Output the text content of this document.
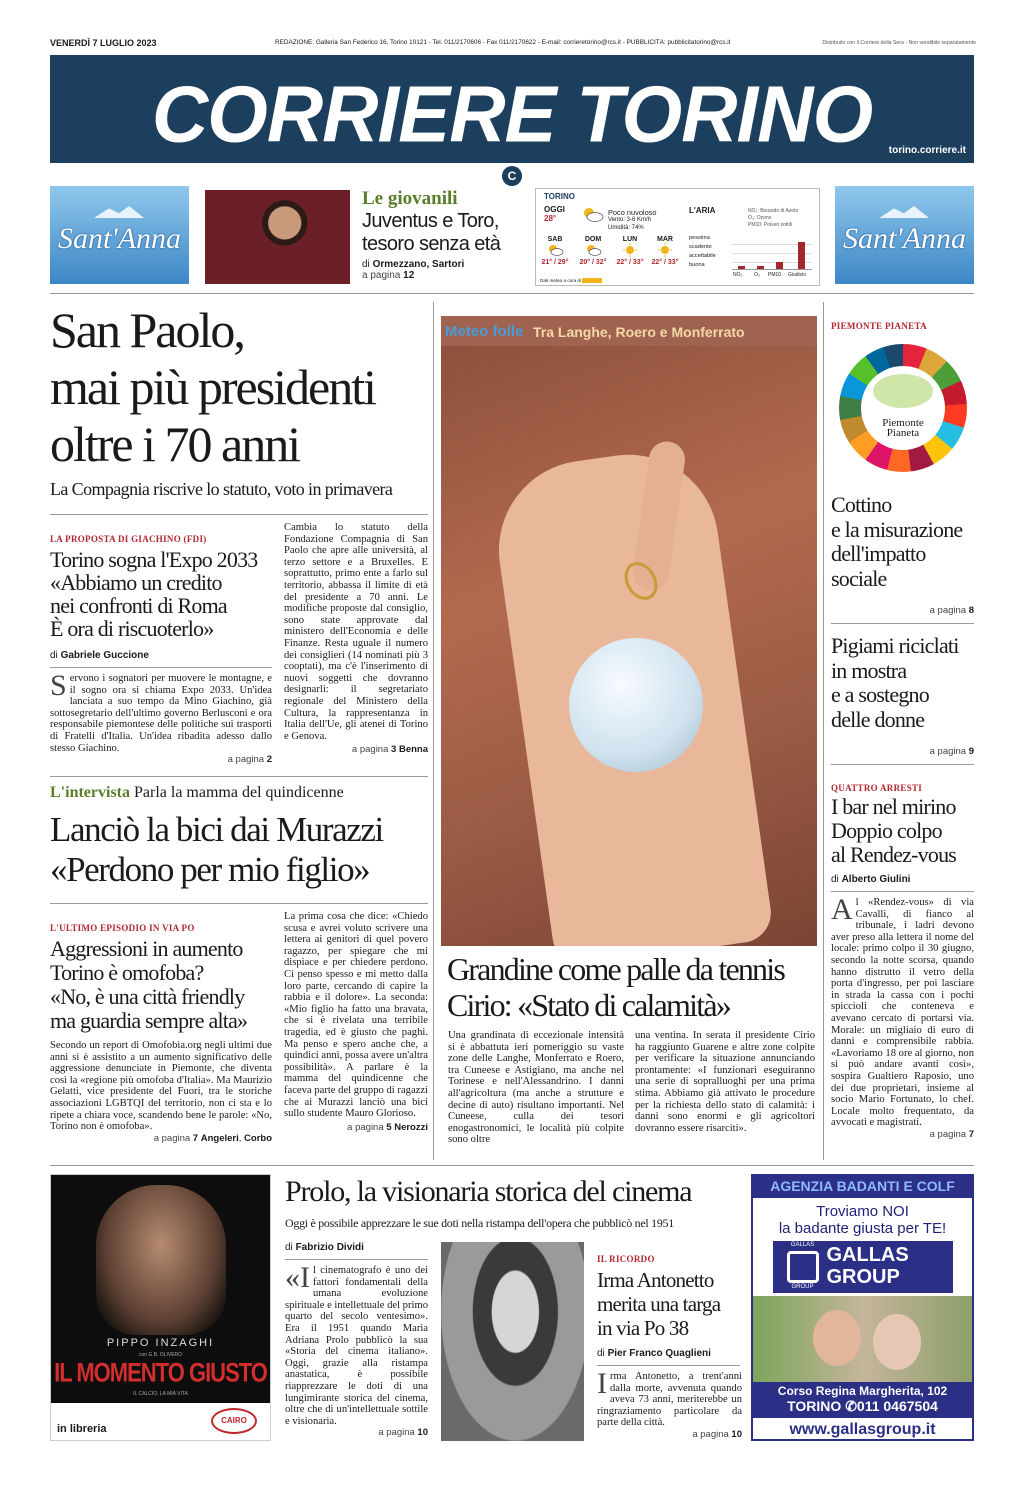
VENERDÌ 7 LUGLIO 2023	REDAZIONE: Galleria San Federico 16, Torino 10121 - Tel. 011/2170606 - Fax 011/2170622 - E-mail: corrieretorino@rcs.it - PUBBLICITÀ: pubblicitatorino@rcs.it	Distribuito con il Corriere della Sera - Non vendibile separatamente
CORRIERE TORINO	torino.corriere.it
C
Sant'Anna	Sant'Anna
Le giovanili
Juventus e Toro,
tesoro senza età
di Ormezzano, Sartori
a pagina 12
TORINO
OGGI
28°
Poco nuvoloso
Vento: 3-6 Km/h
Umidità: 74%
SAB
21° / 29°
DOM
20° / 32°
LUN
22° / 33°
MAR
22° / 33°
Dati meteo a cura di
L'ARIA	NO₂: Biossido di Azoto
O₃: Ozono
PM10: Polveri sottili
pessima
scadente
accettabile
buona
NO₂ O₃ PM10 Giudizio
San Paolo,
mai più presidenti
oltre i 70 anni
La Compagnia riscrive lo statuto, voto in primavera
LA PROPOSTA DI GIACHINO (FDI)
Torino sogna l'Expo 2033
«Abbiamo un credito
nei confronti di Roma
È ora di riscuoterlo»
di Gabriele Guccione
Servono i sognatori per muovere le montagne, e il sogno ora si chiama Expo 2033. Un'idea lanciata a suo tempo da Mino Giachino, già sottosegretario dell'ultimo governo Berlusconi e ora responsabile piemontese delle politiche sui trasporti di Fratelli d'Italia. Un'idea ribadita adesso dallo stesso Giachino.
a pagina 2
Cambia lo statuto della Fondazione Compagnia di San Paolo che apre alle università, al terzo settore e a Bruxelles. E soprattutto, primo ente a farlo sul territorio, abbassa il limite di età del presidente a 70 anni. Le modifiche proposte dal consiglio, sono state approvate dal ministero dell'Economia e delle Finanze. Resta uguale il numero dei consiglieri (14 nominati più 3 cooptati), ma c'è l'inserimento di nuovi soggetti che dovranno designarli: il segretariato regionale del Ministero della Cultura, la rappresentanza in Italia dell'Ue, gli atenei di Torino e Genova.
a pagina 3 Benna
L'intervista Parla la mamma del quindicenne
Lanciò la bici dai Murazzi
«Perdono per mio figlio»
L'ULTIMO EPISODIO IN VIA PO
Aggressioni in aumento
Torino è omofoba?
«No, è una città friendly
ma guardia sempre alta»
Secondo un report di Omofobia.org negli ultimi due anni si è assistito a un aumento significativo delle aggressione denunciate in Piemonte, che diventa così la «regione più omofoba d'Italia». Ma Maurizio Gelatti, vice presidente del Fuori, tra le storiche associazioni LGBTQI del territorio, non ci sta e lo ripete a chiara voce, scandendo bene le parole: «No, Torino non è omofoba».
a pagina 7 Angeleri, Corbo
La prima cosa che dice: «Chiedo scusa e avrei voluto scrivere una lettera ai genitori di quel povero ragazzo, per spiegare che mi dispiace e per chiedere perdono. Ci penso spesso e mi metto dalla loro parte, cercando di capire la rabbia e il dolore». La seconda: «Mio figlio ha fatto una bravata, che si è rivelata una terribile tragedia, ed è giusto che paghi. Ma penso e spero anche che, a quindici anni, possa avere un'altra possibilità». A parlare è la mamma del quindicenne che faceva parte del gruppo di ragazzi che ai Murazzi lanciò una bici sullo studente Mauro Glorioso.
a pagina 5 Nerozzi
Meteo folle Tra Langhe, Roero e Monferrato
Grandine come palle da tennis
Cirio: «Stato di calamità»
Una grandinata di eccezionale intensità si è abbattuta ieri pomeriggio su vaste zone delle Langhe, Monferrato e Roero, tra Cuneese e Astigiano, ma anche nel Torinese e nell'Alessandrino. I danni all'agricoltura (ma anche a strutture e decine di auto) risultano importanti. Nel Cuneese, culla dei tesori enogastronomici, le località più colpite sono oltre
una ventina. In serata il presidente Cirio ha raggiunto Guarene e altre zone colpite per verificare la situazione annunciando prontamente: «I funzionari eseguiranno una serie di sopralluoghi per una prima stima. Abbiamo già attivato le procedure per la richiesta dello stato di calamità: i danni sono enormi e gli agricoltori dovranno essere risarciti».
PIEMONTE PIANETA
Piemonte Pianeta
Cottino
e la misurazione
dell'impatto
sociale
a pagina 8
Pigiami riciclati
in mostra
e a sostegno
delle donne
a pagina 9
QUATTRO ARRESTI
I bar nel mirino
Doppio colpo
al Rendez-vous
di Alberto Giulini
Al «Rendez-vous» di via Cavalli, di fianco al tribunale, i ladri devono aver preso alla lettera il nome del locale: primo colpo il 30 giugno, secondo la notte scorsa, quando hanno distrutto il vetro della porta d'ingresso, per poi lasciare in strada la cassa con i pochi spiccioli che conteneva e avevano cercato di portarsi via. Morale: un migliaio di euro di danni e comprensibile rabbia. «Lavoriamo 18 ore al giorno, non si può andare avanti così», sospira Gualtiero Raposio, uno dei due proprietari, insieme al socio Mario Fortunato, lo chef. Locale molto frequentato, da avvocati e magistrati.
a pagina 7
PIPPO INZAGHI
con G.B. OLIVERO
IL MOMENTO GIUSTO
IL CALCIO, LA MIA VITA
in libreria
CAIRO
Prolo, la visionaria storica del cinema
Oggi è possibile apprezzare le sue doti nella ristampa dell'opera che pubblicò nel 1951
di Fabrizio Dividi
«Il cinematografo è uno dei fattori fondamentali della umana evoluzione spirituale e intellettuale del primo quarto del secolo ventesimo». Era il 1951 quando Maria Adriana Prolo pubblicò la sua «Storia del cinema italiano». Oggi, grazie alla ristampa anastatica, è possibile riapprezzare le doti di una lungimirante storica del cinema, oltre che di un'intellettuale sottile e visionaria.
a pagina 10
IL RICORDO
Irma Antonetto
merita una targa
in via Po 38
di Pier Franco Quaglieni
Irma Antonetto, a trent'anni dalla morte, avvenuta quando aveva 73 anni, meriterebbe un ringraziamento particolare da parte della città.
a pagina 10
AGENZIA BADANTI E COLF
Troviamo NOI
la badante giusta per TE!
GALLAS
GROUP
GALLAS
GROUP
Corso Regina Margherita, 102
TORINO ✆011 0467504
www.gallasgroup.it
